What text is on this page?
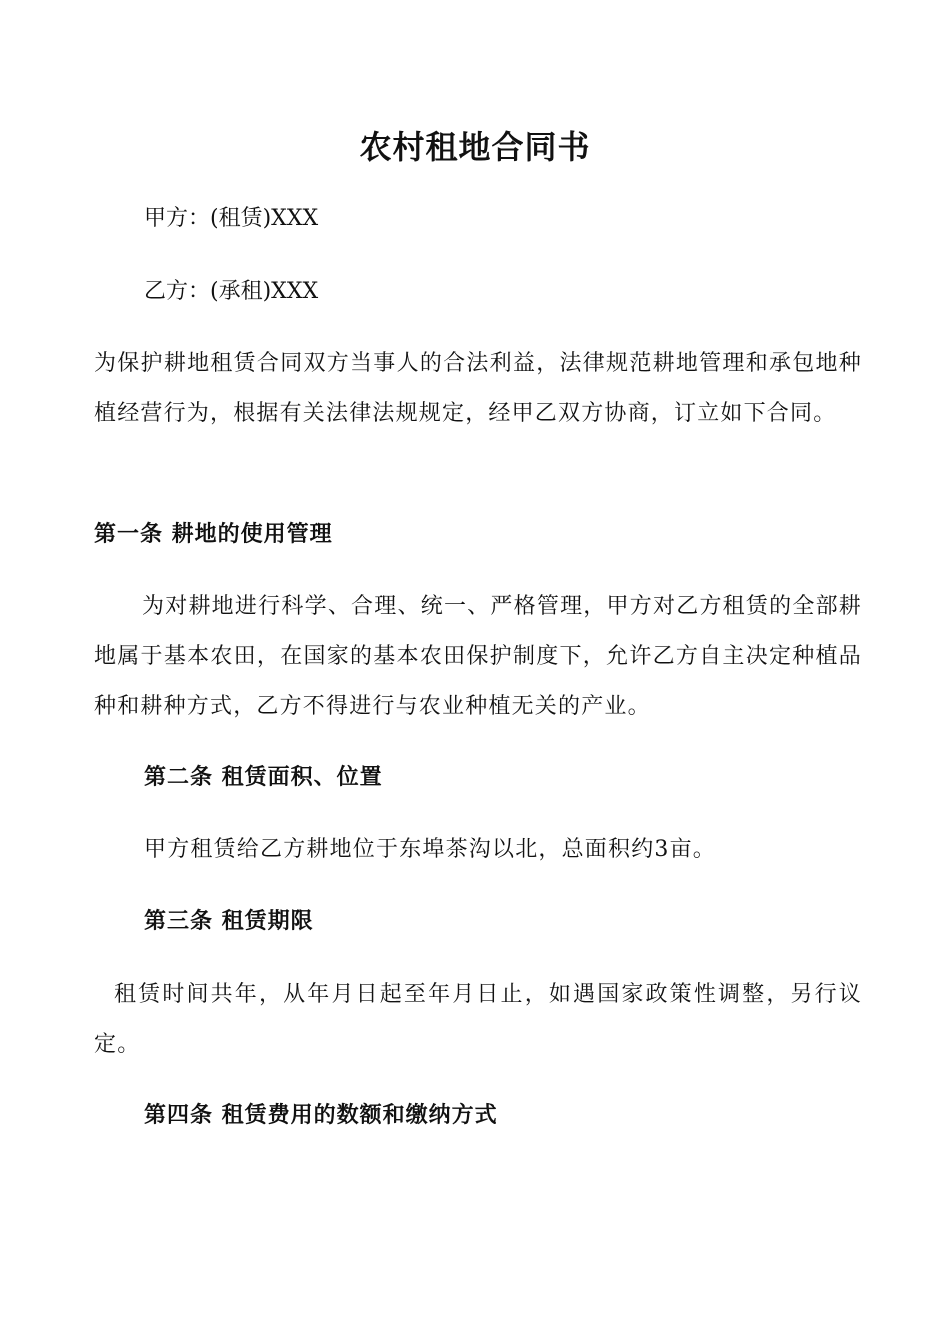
农村租地合同书

甲方：(租赁)XXX

乙方：(承租)XXX

为保护耕地租赁合同双方当事人的合法利益，法律规范耕地管理和承包地种植经营行为，根据有关法律法规规定，经甲乙双方协商，订立如下合同。

第一条 耕地的使用管理

为对耕地进行科学、合理、统一、严格管理，甲方对乙方租赁的全部耕地属于基本农田，在国家的基本农田保护制度下，允许乙方自主决定种植品种和耕种方式，乙方不得进行与农业种植无关的产业。

第二条 租赁面积、位置

甲方租赁给乙方耕地位于东埠茶沟以北，总面积约3亩。

第三条 租赁期限

租赁时间共年，从年月日起至年月日止，如遇国家政策性调整，另行议定。

第四条 租赁费用的数额和缴纳方式
